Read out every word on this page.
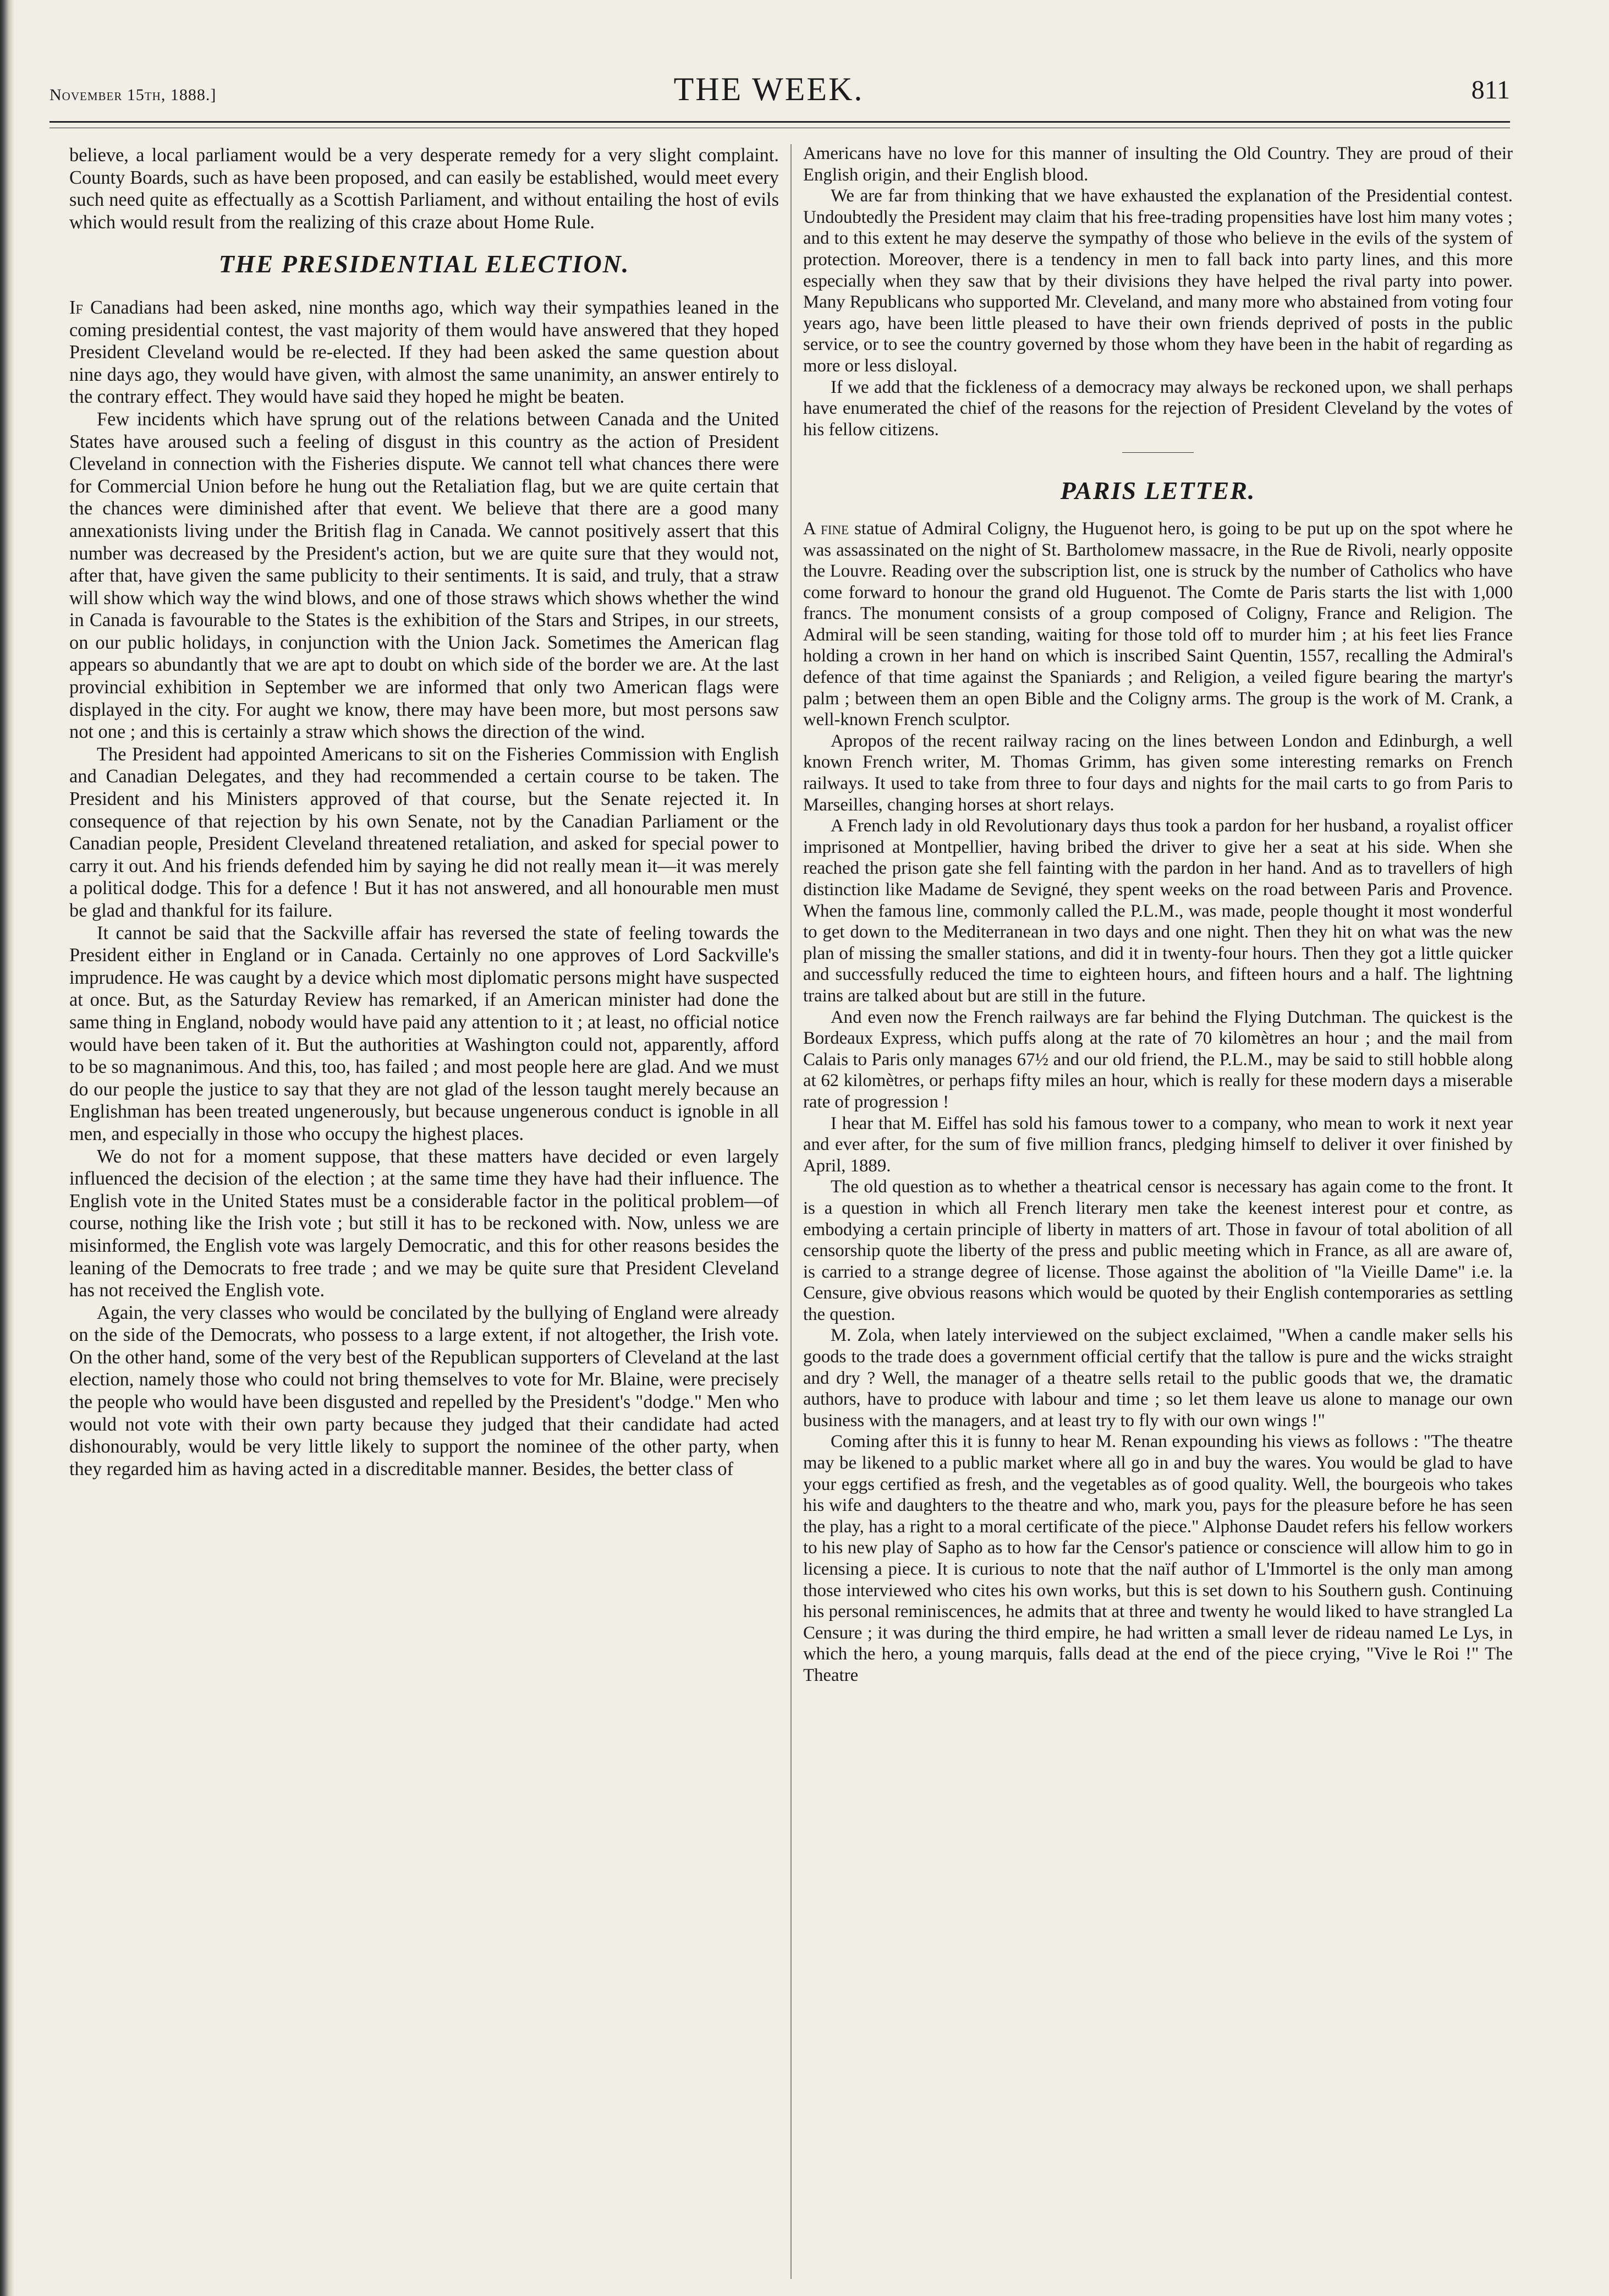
November 15th, 1888.]	THE WEEK.	811

believe, a local parliament would be a very desperate remedy for a very slight complaint. County Boards, such as have been proposed, and can easily be established, would meet every such need quite as effectually as a Scottish Parliament, and without entailing the host of evils which would result from the realizing of this craze about Home Rule.

THE PRESIDENTIAL ELECTION.

If Canadians had been asked, nine months ago, which way their sympathies leaned in the coming presidential contest, the vast majority of them would have answered that they hoped President Cleveland would be re-elected. If they had been asked the same question about nine days ago, they would have given, with almost the same unanimity, an answer entirely to the contrary effect. They would have said they hoped he might be beaten.

Few incidents which have sprung out of the relations between Canada and the United States have aroused such a feeling of disgust in this country as the action of President Cleveland in connection with the Fisheries dispute. We cannot tell what chances there were for Commercial Union before he hung out the Retaliation flag, but we are quite certain that the chances were diminished after that event. We believe that there are a good many annexationists living under the British flag in Canada. We cannot positively assert that this number was decreased by the President's action, but we are quite sure that they would not, after that, have given the same publicity to their sentiments. It is said, and truly, that a straw will show which way the wind blows, and one of those straws which shows whether the wind in Canada is favourable to the States is the exhibition of the Stars and Stripes, in our streets, on our public holidays, in conjunction with the Union Jack. Sometimes the American flag appears so abundantly that we are apt to doubt on which side of the border we are. At the last provincial exhibition in September we are informed that only two American flags were displayed in the city. For aught we know, there may have been more, but most persons saw not one ; and this is certainly a straw which shows the direction of the wind.

The President had appointed Americans to sit on the Fisheries Commission with English and Canadian Delegates, and they had recommended a certain course to be taken. The President and his Ministers approved of that course, but the Senate rejected it. In consequence of that rejection by his own Senate, not by the Canadian Parliament or the Canadian people, President Cleveland threatened retaliation, and asked for special power to carry it out. And his friends defended him by saying he did not really mean it—it was merely a political dodge. This for a defence ! But it has not answered, and all honourable men must be glad and thankful for its failure.

It cannot be said that the Sackville affair has reversed the state of feeling towards the President either in England or in Canada. Certainly no one approves of Lord Sackville's imprudence. He was caught by a device which most diplomatic persons might have suspected at once. But, as the Saturday Review has remarked, if an American minister had done the same thing in England, nobody would have paid any attention to it ; at least, no official notice would have been taken of it. But the authorities at Washington could not, apparently, afford to be so magnanimous. And this, too, has failed ; and most people here are glad. And we must do our people the justice to say that they are not glad of the lesson taught merely because an Englishman has been treated ungenerously, but because ungenerous conduct is ignoble in all men, and especially in those who occupy the highest places.

We do not for a moment suppose, that these matters have decided or even largely influenced the decision of the election ; at the same time they have had their influence. The English vote in the United States must be a considerable factor in the political problem—of course, nothing like the Irish vote ; but still it has to be reckoned with. Now, unless we are misinformed, the English vote was largely Democratic, and this for other reasons besides the leaning of the Democrats to free trade ; and we may be quite sure that President Cleveland has not received the English vote.

Again, the very classes who would be concilated by the bullying of England were already on the side of the Democrats, who possess to a large extent, if not altogether, the Irish vote. On the other hand, some of the very best of the Republican supporters of Cleveland at the last election, namely those who could not bring themselves to vote for Mr. Blaine, were precisely the people who would have been disgusted and repelled by the President's "dodge." Men who would not vote with their own party because they judged that their candidate had acted dishonourably, would be very little likely to support the nominee of the other party, when they regarded him as having acted in a discreditable manner. Besides, the better class of

Americans have no love for this manner of insulting the Old Country. They are proud of their English origin, and their English blood.

We are far from thinking that we have exhausted the explanation of the Presidential contest. Undoubtedly the President may claim that his free-trading propensities have lost him many votes ; and to this extent he may deserve the sympathy of those who believe in the evils of the system of protection. Moreover, there is a tendency in men to fall back into party lines, and this more especially when they saw that by their divisions they have helped the rival party into power. Many Republicans who supported Mr. Cleveland, and many more who abstained from voting four years ago, have been little pleased to have their own friends deprived of posts in the public service, or to see the country governed by those whom they have been in the habit of regarding as more or less disloyal.

If we add that the fickleness of a democracy may always be reckoned upon, we shall perhaps have enumerated the chief of the reasons for the rejection of President Cleveland by the votes of his fellow citizens.

PARIS LETTER.

A fine statue of Admiral Coligny, the Huguenot hero, is going to be put up on the spot where he was assassinated on the night of St. Bartholomew massacre, in the Rue de Rivoli, nearly opposite the Louvre. Reading over the subscription list, one is struck by the number of Catholics who have come forward to honour the grand old Huguenot. The Comte de Paris starts the list with 1,000 francs. The monument consists of a group composed of Coligny, France and Religion. The Admiral will be seen standing, waiting for those told off to murder him ; at his feet lies France holding a crown in her hand on which is inscribed Saint Quentin, 1557, recalling the Admiral's defence of that time against the Spaniards ; and Religion, a veiled figure bearing the martyr's palm ; between them an open Bible and the Coligny arms. The group is the work of M. Crank, a well-known French sculptor.

Apropos of the recent railway racing on the lines between London and Edinburgh, a well known French writer, M. Thomas Grimm, has given some interesting remarks on French railways. It used to take from three to four days and nights for the mail carts to go from Paris to Marseilles, changing horses at short relays.

A French lady in old Revolutionary days thus took a pardon for her husband, a royalist officer imprisoned at Montpellier, having bribed the driver to give her a seat at his side. When she reached the prison gate she fell fainting with the pardon in her hand. And as to travellers of high distinction like Madame de Sevigné, they spent weeks on the road between Paris and Provence. When the famous line, commonly called the P.L.M., was made, people thought it most wonderful to get down to the Mediterranean in two days and one night. Then they hit on what was the new plan of missing the smaller stations, and did it in twenty-four hours. Then they got a little quicker and successfully reduced the time to eighteen hours, and fifteen hours and a half. The lightning trains are talked about but are still in the future.

And even now the French railways are far behind the Flying Dutchman. The quickest is the Bordeaux Express, which puffs along at the rate of 70 kilomètres an hour ; and the mail from Calais to Paris only manages 67½ and our old friend, the P.L.M., may be said to still hobble along at 62 kilomètres, or perhaps fifty miles an hour, which is really for these modern days a miserable rate of progression !

I hear that M. Eiffel has sold his famous tower to a company, who mean to work it next year and ever after, for the sum of five million francs, pledging himself to deliver it over finished by April, 1889.

The old question as to whether a theatrical censor is necessary has again come to the front. It is a question in which all French literary men take the keenest interest pour et contre, as embodying a certain principle of liberty in matters of art. Those in favour of total abolition of all censorship quote the liberty of the press and public meeting which in France, as all are aware of, is carried to a strange degree of license. Those against the abolition of "la Vieille Dame" i.e. la Censure, give obvious reasons which would be quoted by their English contemporaries as settling the question.

M. Zola, when lately interviewed on the subject exclaimed, "When a candle maker sells his goods to the trade does a government official certify that the tallow is pure and the wicks straight and dry ? Well, the manager of a theatre sells retail to the public goods that we, the dramatic authors, have to produce with labour and time ; so let them leave us alone to manage our own business with the managers, and at least try to fly with our own wings !"

Coming after this it is funny to hear M. Renan expounding his views as follows : "The theatre may be likened to a public market where all go in and buy the wares. You would be glad to have your eggs certified as fresh, and the vegetables as of good quality. Well, the bourgeois who takes his wife and daughters to the theatre and who, mark you, pays for the pleasure before he has seen the play, has a right to a moral certificate of the piece." Alphonse Daudet refers his fellow workers to his new play of Sapho as to how far the Censor's patience or conscience will allow him to go in licensing a piece. It is curious to note that the naïf author of L'Immortel is the only man among those interviewed who cites his own works, but this is set down to his Southern gush. Continuing his personal reminiscences, he admits that at three and twenty he would liked to have strangled La Censure ; it was during the third empire, he had written a small lever de rideau named Le Lys, in which the hero, a young marquis, falls dead at the end of the piece crying, "Vive le Roi !" The Theatre
